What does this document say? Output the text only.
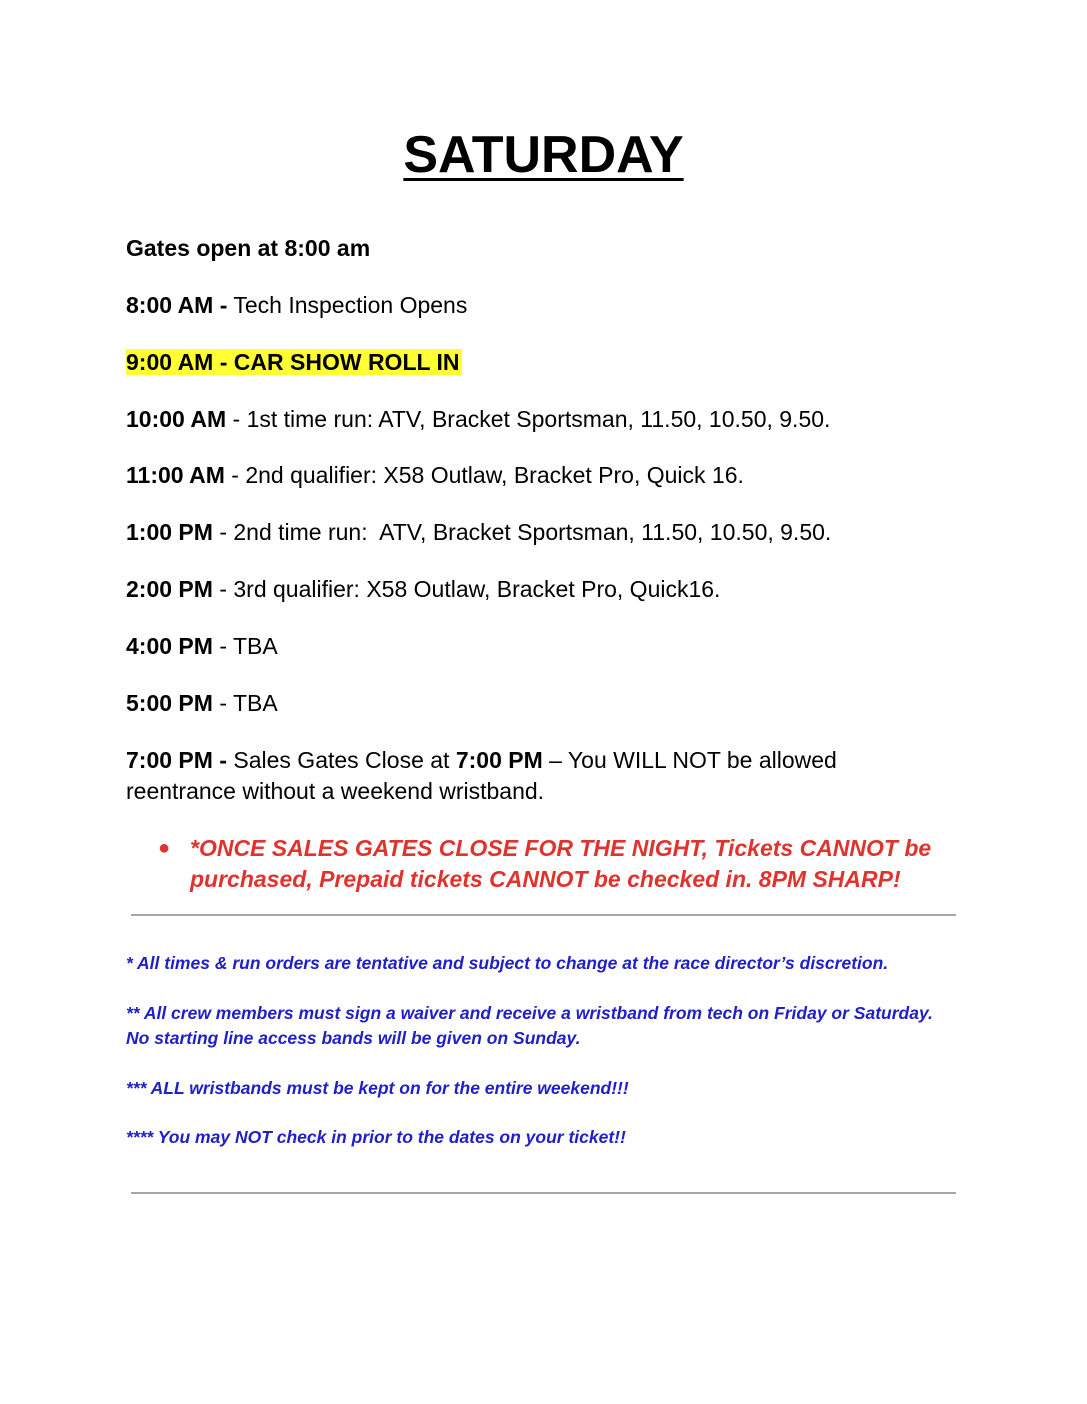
SATURDAY
Gates open at 8:00 am
8:00 AM - Tech Inspection Opens
9:00 AM - CAR SHOW ROLL IN
10:00 AM - 1st time run: ATV, Bracket Sportsman, 11.50, 10.50, 9.50.
11:00 AM - 2nd qualifier: X58 Outlaw, Bracket Pro, Quick 16.
1:00 PM - 2nd time run:  ATV, Bracket Sportsman, 11.50, 10.50, 9.50.
2:00 PM - 3rd qualifier: X58 Outlaw, Bracket Pro, Quick16.
4:00 PM - TBA
5:00 PM - TBA
7:00 PM - Sales Gates Close at 7:00 PM – You WILL NOT be allowed reentrance without a weekend wristband.
● *ONCE SALES GATES CLOSE FOR THE NIGHT, Tickets CANNOT be purchased, Prepaid tickets CANNOT be checked in. 8PM SHARP!
* All times & run orders are tentative and subject to change at the race director’s discretion.
** All crew members must sign a waiver and receive a wristband from tech on Friday or Saturday. No starting line access bands will be given on Sunday.
*** ALL wristbands must be kept on for the entire weekend!!!
**** You may NOT check in prior to the dates on your ticket!!
